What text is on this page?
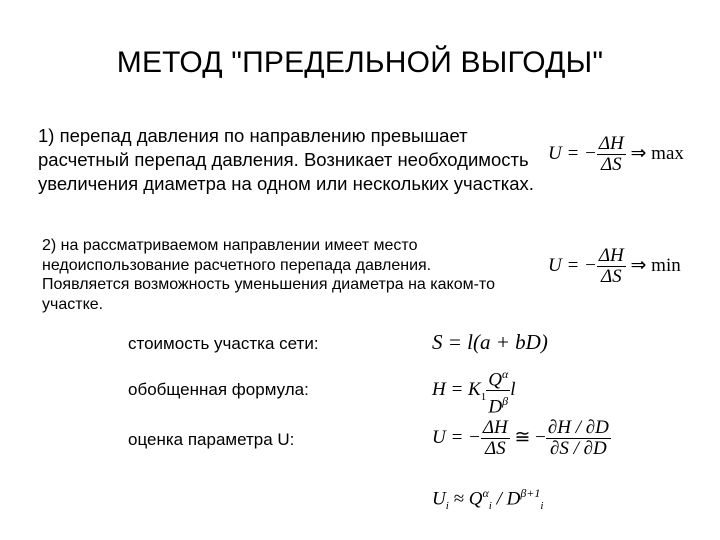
МЕТОД "ПРЕДЕЛЬНОЙ ВЫГОДЫ"
1) перепад давления по направлению превышает расчетный перепад давления. Возникает необходимость увеличения диаметра на одном или нескольких участках.
U = − $\frac{\Delta H}{\Delta S}$ ⇒ max
2) на рассматриваемом направлении имеет место недоиспользование расчетного перепада давления. Появляется возможность уменьшения диаметра на каком-то участке.
U = − $\frac{\Delta H}{\Delta S}$ ⇒ min
стоимость участка сети:	S = l(a + bD)
обобщенная формула:	$H = K_1 \frac{Q^\alpha}{D^\beta}$ l
оценка параметра U:	U = − $\frac{\Delta H}{\Delta S}$ ≅ − $\frac{\partial H / \partial D}{\partial S / \partial D}$
$U_i \approx Q^\alpha_i / D^{\beta+1}_i$
